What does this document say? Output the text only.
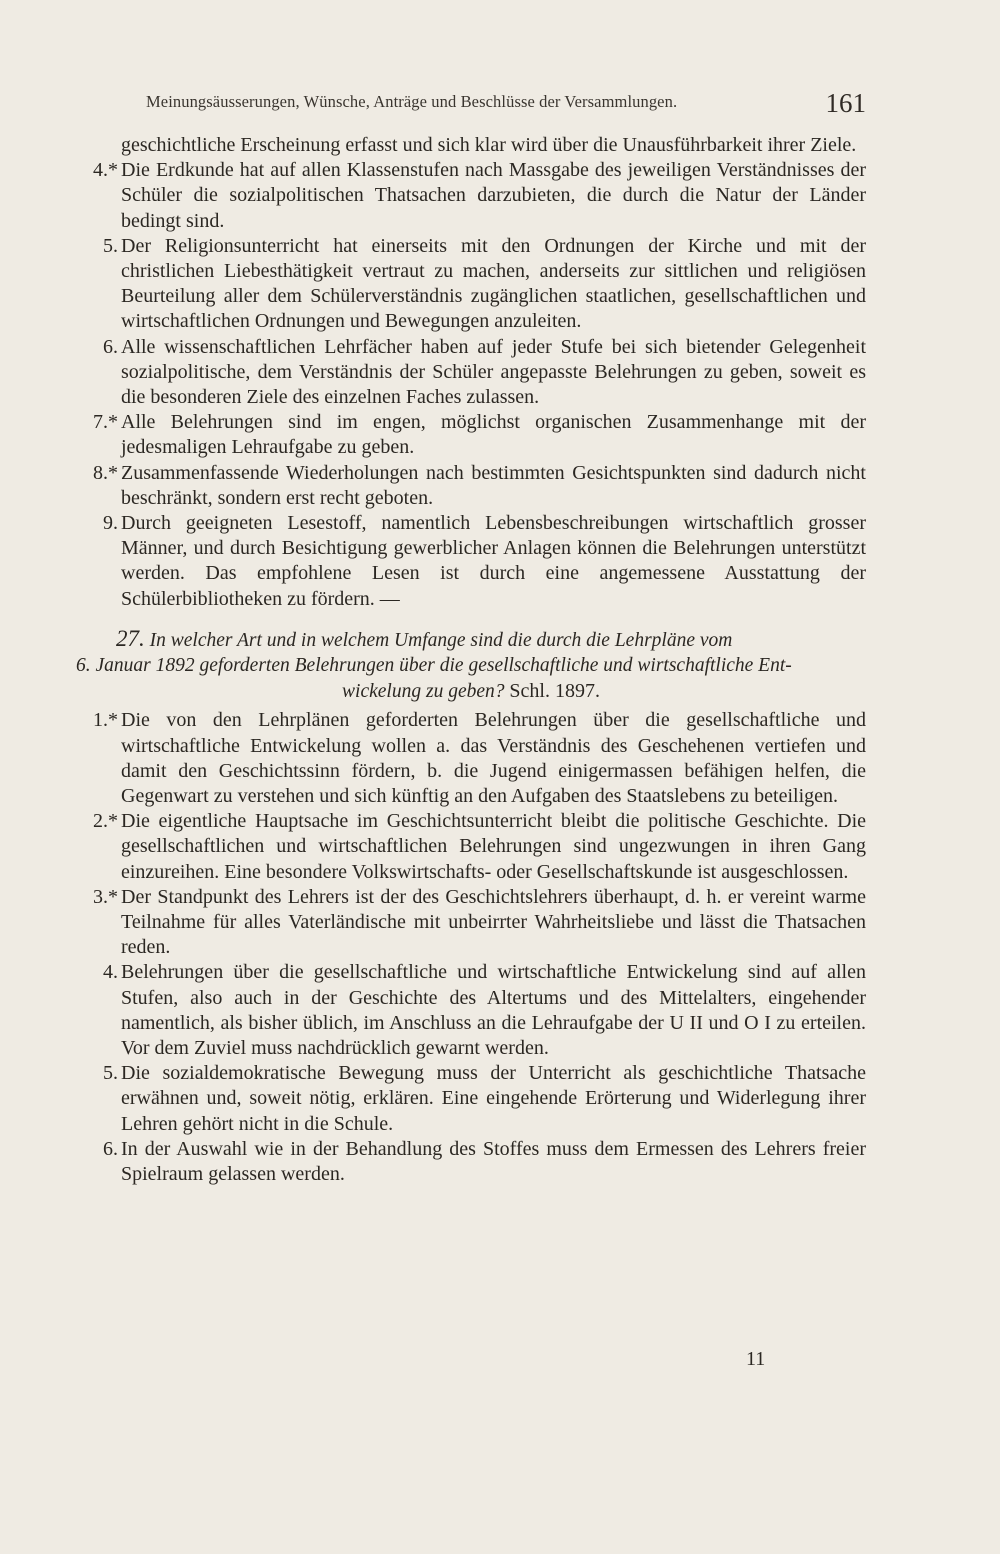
Meinungsäusserungen, Wünsche, Anträge und Beschlüsse der Versammlungen.	161
geschichtliche Erscheinung erfasst und sich klar wird über die Unausführbarkeit ihrer Ziele.
4.* Die Erdkunde hat auf allen Klassenstufen nach Massgabe des jeweiligen Verständnisses der Schüler die sozialpolitischen Thatsachen darzubieten, die durch die Natur der Länder bedingt sind.
5. Der Religionsunterricht hat einerseits mit den Ordnungen der Kirche und mit der christlichen Liebesthätigkeit vertraut zu machen, anderseits zur sittlichen und religiösen Beurteilung aller dem Schülerverständnis zugänglichen staatlichen, gesellschaftlichen und wirtschaftlichen Ordnungen und Bewegungen anzuleiten.
6. Alle wissenschaftlichen Lehrfächer haben auf jeder Stufe bei sich bietender Gelegenheit sozialpolitische, dem Verständnis der Schüler angepasste Belehrungen zu geben, soweit es die besonderen Ziele des einzelnen Faches zulassen.
7.* Alle Belehrungen sind im engen, möglichst organischen Zusammenhange mit der jedesmaligen Lehraufgabe zu geben.
8.* Zusammenfassende Wiederholungen nach bestimmten Gesichtspunkten sind dadurch nicht beschränkt, sondern erst recht geboten.
9. Durch geeigneten Lesestoff, namentlich Lebensbeschreibungen wirtschaftlich grosser Männer, und durch Besichtigung gewerblicher Anlagen können die Belehrungen unterstützt werden. Das empfohlene Lesen ist durch eine angemessene Ausstattung der Schülerbibliotheken zu fördern. —
27. In welcher Art und in welchem Umfange sind die durch die Lehrpläne vom
6. Januar 1892 geforderten Belehrungen über die gesellschaftliche und wirtschaftliche Ent-
wickelung zu geben? Schl. 1897.
1.* Die von den Lehrplänen geforderten Belehrungen über die gesellschaftliche und wirtschaftliche Entwickelung wollen a. das Verständnis des Geschehenen vertiefen und damit den Geschichtssinn fördern, b. die Jugend einigermassen befähigen helfen, die Gegenwart zu verstehen und sich künftig an den Aufgaben des Staatslebens zu beteiligen.
2.* Die eigentliche Hauptsache im Geschichtsunterricht bleibt die politische Geschichte. Die gesellschaftlichen und wirtschaftlichen Belehrungen sind ungezwungen in ihren Gang einzureihen. Eine besondere Volkswirtschafts- oder Gesellschaftskunde ist ausgeschlossen.
3.* Der Standpunkt des Lehrers ist der des Geschichtslehrers überhaupt, d. h. er vereint warme Teilnahme für alles Vaterländische mit unbeirrter Wahrheitsliebe und lässt die Thatsachen reden.
4. Belehrungen über die gesellschaftliche und wirtschaftliche Entwickelung sind auf allen Stufen, also auch in der Geschichte des Altertums und des Mittelalters, eingehender namentlich, als bisher üblich, im Anschluss an die Lehraufgabe der U II und O I zu erteilen. Vor dem Zuviel muss nachdrücklich gewarnt werden.
5. Die sozialdemokratische Bewegung muss der Unterricht als geschichtliche Thatsache erwähnen und, soweit nötig, erklären. Eine eingehende Erörterung und Widerlegung ihrer Lehren gehört nicht in die Schule.
6. In der Auswahl wie in der Behandlung des Stoffes muss dem Ermessen des Lehrers freier Spielraum gelassen werden.
11
